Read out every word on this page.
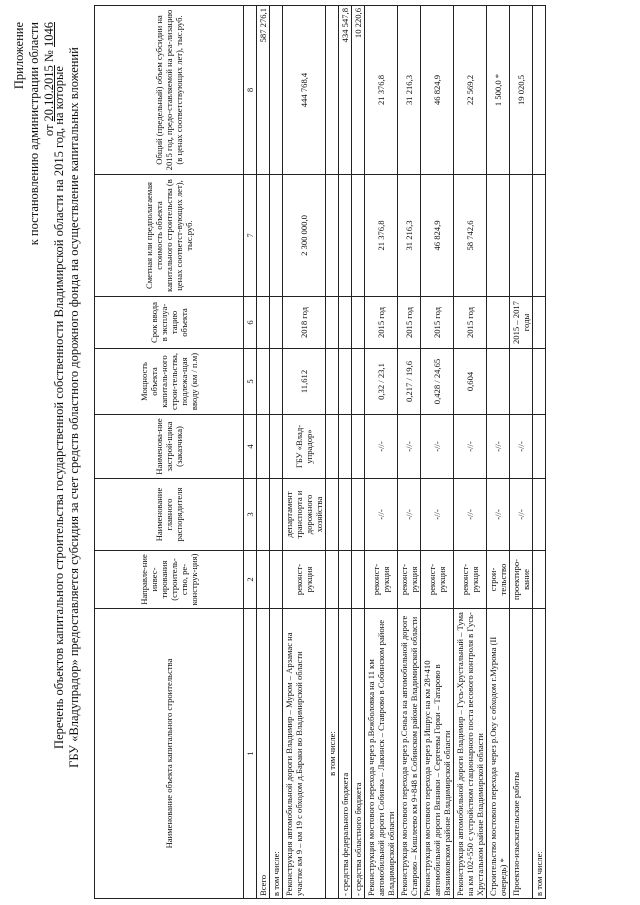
Приложение к постановлению администрации области от 20.10.2015 № 1046
Перечень объектов капитального строительства государственной собственности Владимирской области на 2015 год, на которые ГБУ «Владупрадор» предоставляется субсидия за счет средств областного дорожного фонда на осуществление капитальных вложений	Наименование объекта капитального строительства	Направле-ние инвес-тирования (строитель-ство, ре-конструк-ция)	Наименование главного распорядителя	Наименова-ние застрой-щика (заказчика)	Мощность объекта капиталь-ного строи-тельства, подлежа-щая вводу (км / п.м)	Срок ввода в эксплуа-тацию объекта	Сметная или предполагаемая стоимость объекта капитального строительства (в ценах соответст-вующих лет), тыс.руб.	Общий (предельный) объем субсидии на 2015 год, предо-ставляемой на реа-лизацию (в ценах соответствующих лет), тыс.руб.
1	2	3	4	5	6	7	8
Всего							587 276,1
в том числе:							
Реконструкция автомобильной дороги Владимир – Муром – Арзамас на участке км 9 – км 19 с обходом д.Бараки во Владимирской области	реконст-рукция	департамент транспорта и дорожного хозяйства	ГБУ «Влад-упрадор»	11,612	2018 год	2 300 000,0	444 768,4
в том числе:							
- средства федерального бюджета							434 547,8
- средства областного бюджета							10 220,6
Реконструкция мостового перехода через р.Вежболовка на 11 км автомобильной дороги Собинка – Лакинск – Ставрово в Собинском районе Владимирской области	реконст-рукция	-//-	-//-	0,32 / 23,1	2015 год	21 376,8	21 376,8
Реконструкция мостового перехода через р.Сеньга на автомобильной дороге Ставрово – Кишлеево км 9+848 в Собинском районе Владимирской области	реконст-рукция	-//-	-//-	0,217 / 19,6	2015 год	31 216,3	31 216,3
Реконструкция мостового перехода через р.Ишрус на км 28+410 автомобильной дороги Вязники – Сергеевы Горки – Татарово в Вязниковском районе Владимирской области	реконст-рукция	-//-	-//-	0,428 / 24,65	2015 год	46 824,9	46 824,9
Реконструкция автомобильной дороги Владимир – Гусь-Хрустальный – Тума на км 102+550 с устройством стационарного поста весового контроля в Гусь-Хрустальном районе Владимирской области	реконст-рукция	-//-	-//-	0,604	2015 год	58 742,6	22 569,2
Строительство мостового перехода через р.Оку с обходом г.Мурома (II очередь) *	строи-тельство	-//-	-//-				1 500,0 *
Проектно-изыскательские работы	проектиро-вание	-//-	-//-		2015 – 2017 годы		19 020,5
в том числе:							
